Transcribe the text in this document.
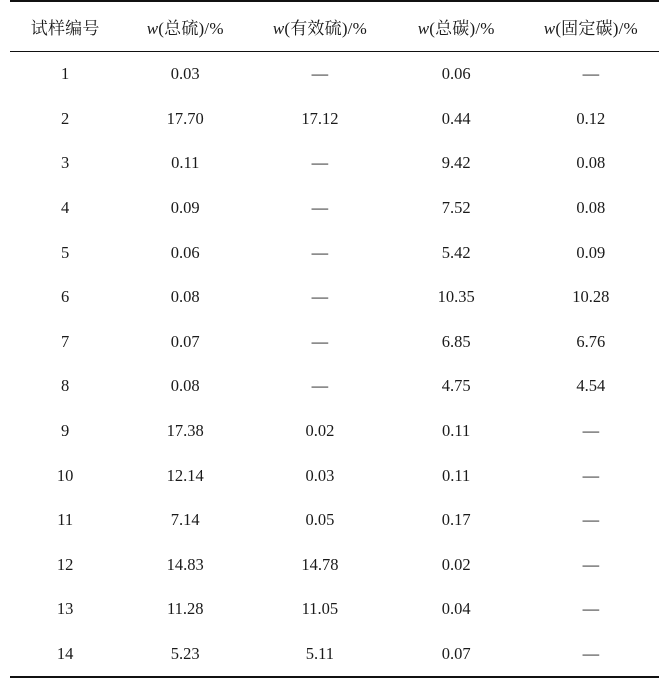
试样编号	w(总硫)/%	w(有效硫)/%	w(总碳)/%	w(固定碳)/%
1	0.03	—	0.06	—
2	17.70	17.12	0.44	0.12
3	0.11	—	9.42	0.08
4	0.09	—	7.52	0.08
5	0.06	—	5.42	0.09
6	0.08	—	10.35	10.28
7	0.07	—	6.85	6.76
8	0.08	—	4.75	4.54
9	17.38	0.02	0.11	—
10	12.14	0.03	0.11	—
11	7.14	0.05	0.17	—
12	14.83	14.78	0.02	—
13	11.28	11.05	0.04	—
14	5.23	5.11	0.07	—
